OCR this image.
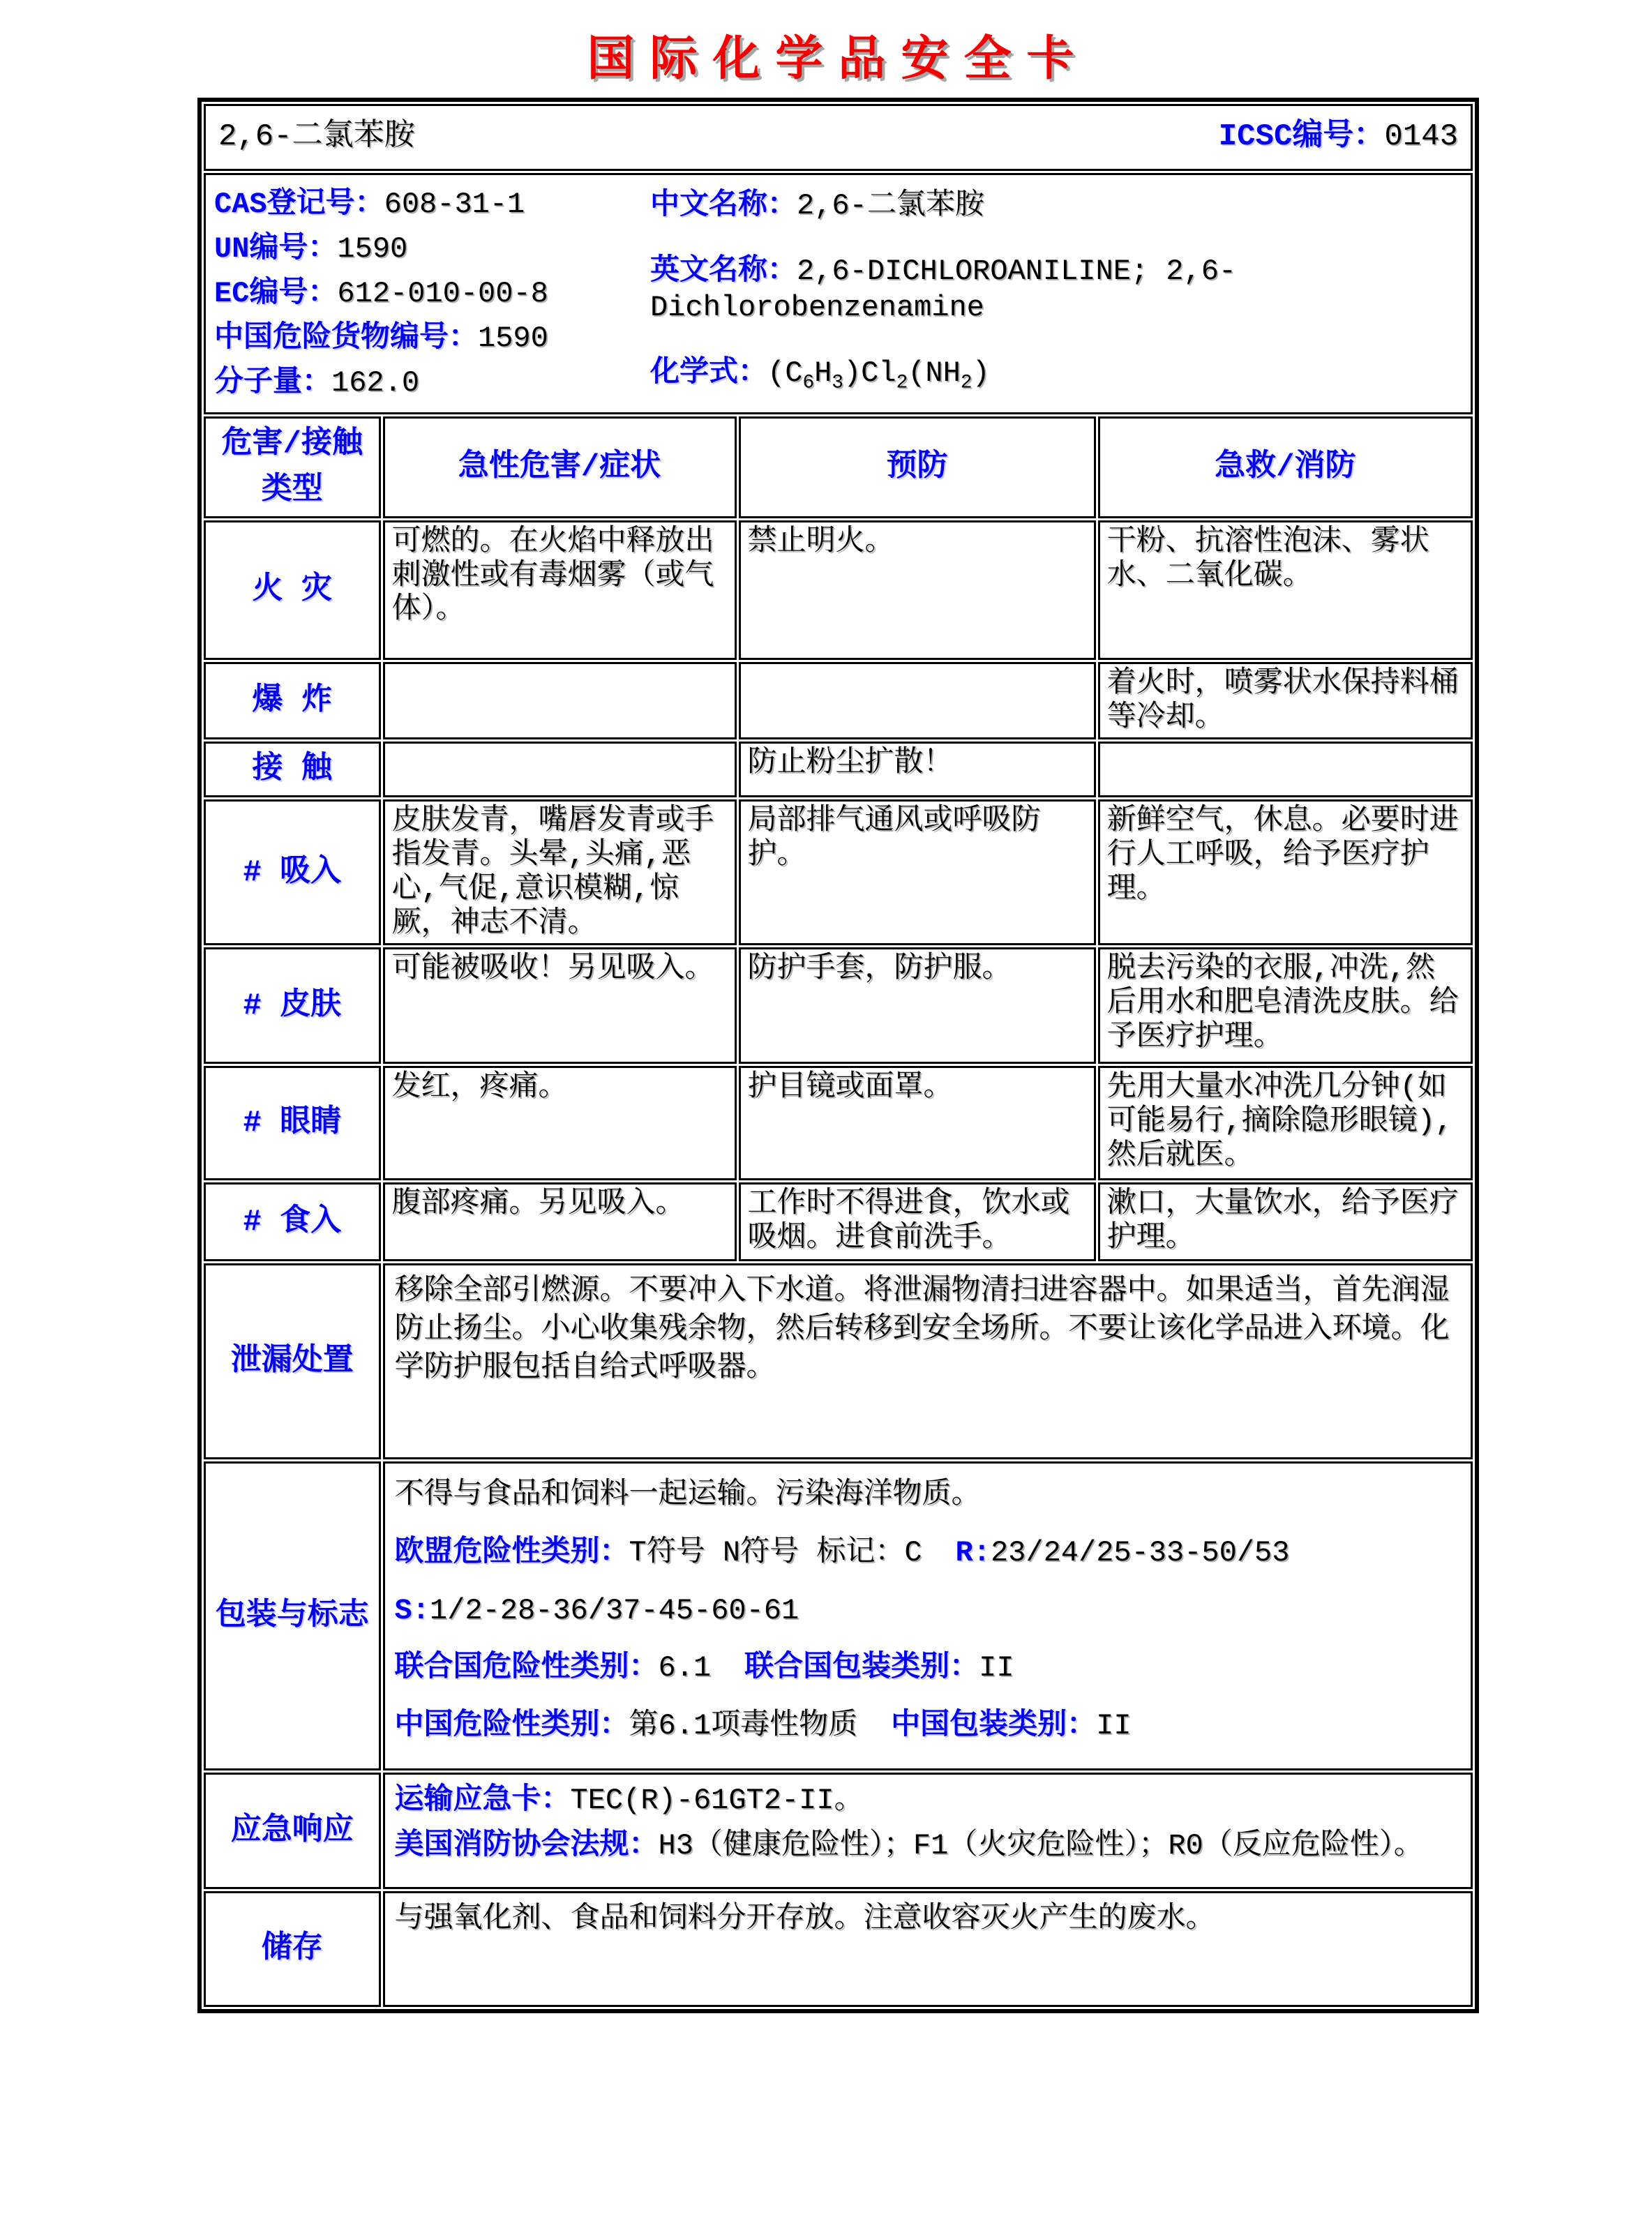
国际化学品安全卡
2,6-二氯苯胺 ICSC编号：0143			

CAS登记号：608-31-1
UN编号：1590
EC编号：612-010-00-8
中国危险货物编号：1590
分子量：162.0
中文名称：2,6-二氯苯胺
英文名称：2,6-DICHLOROANILINE; 2,6-Dichlorobenzenamine
化学式：$(C_6H_3)Cl_2(NH_2)$

危害/接触
类型	急性危害/症状	预防	急救/消防
火 灾	可燃的。在火焰中释放出刺激性或有毒烟雾（或气体）。	禁止明火。	干粉、抗溶性泡沫、雾状水、二氧化碳。
爆 炸			着火时，喷雾状水保持料桶等冷却。
接 触		防止粉尘扩散！	
# 吸入	皮肤发青，嘴唇发青或手指发青。头晕,头痛,恶心,气促,意识模糊,惊厥，神志不清。	局部排气通风或呼吸防护。	新鲜空气，休息。必要时进行人工呼吸，给予医疗护理。
# 皮肤	可能被吸收！另见吸入。	防护手套，防护服。	脱去污染的衣服,冲洗,然后用水和肥皂清洗皮肤。给予医疗护理。
# 眼睛	发红，疼痛。	护目镜或面罩。	先用大量水冲洗几分钟(如可能易行,摘除隐形眼镜),然后就医。
# 食入	腹部疼痛。另见吸入。	工作时不得进食，饮水或吸烟。进食前洗手。	漱口，大量饮水，给予医疗护理。
泄漏处置	移除全部引燃源。不要冲入下水道。将泄漏物清扫进容器中。如果适当，首先润湿防止扬尘。小心收集残余物，然后转移到安全场所。不要让该化学品进入环境。化学防护服包括自给式呼吸器。		

包装与标志	不得与食品和饲料一起运输。污染海洋物质。
欧盟危险性类别：T符号 N符号 标记：C R:23/24/25-33-50/53
S:1/2-28-36/37-45-60-61
联合国危险性类别：6.1 联合国包装类别：II
中国危险性类别：第6.1项毒性物质 中国包装类别：II		

应急响应	运输应急卡：TEC(R)-61GT2-II。
美国消防协会法规：H3（健康危险性）；F1（火灾危险性）；R0（反应危险性）。		

储存	与强氧化剂、食品和饲料分开存放。注意收容灭火产生的废水。		
